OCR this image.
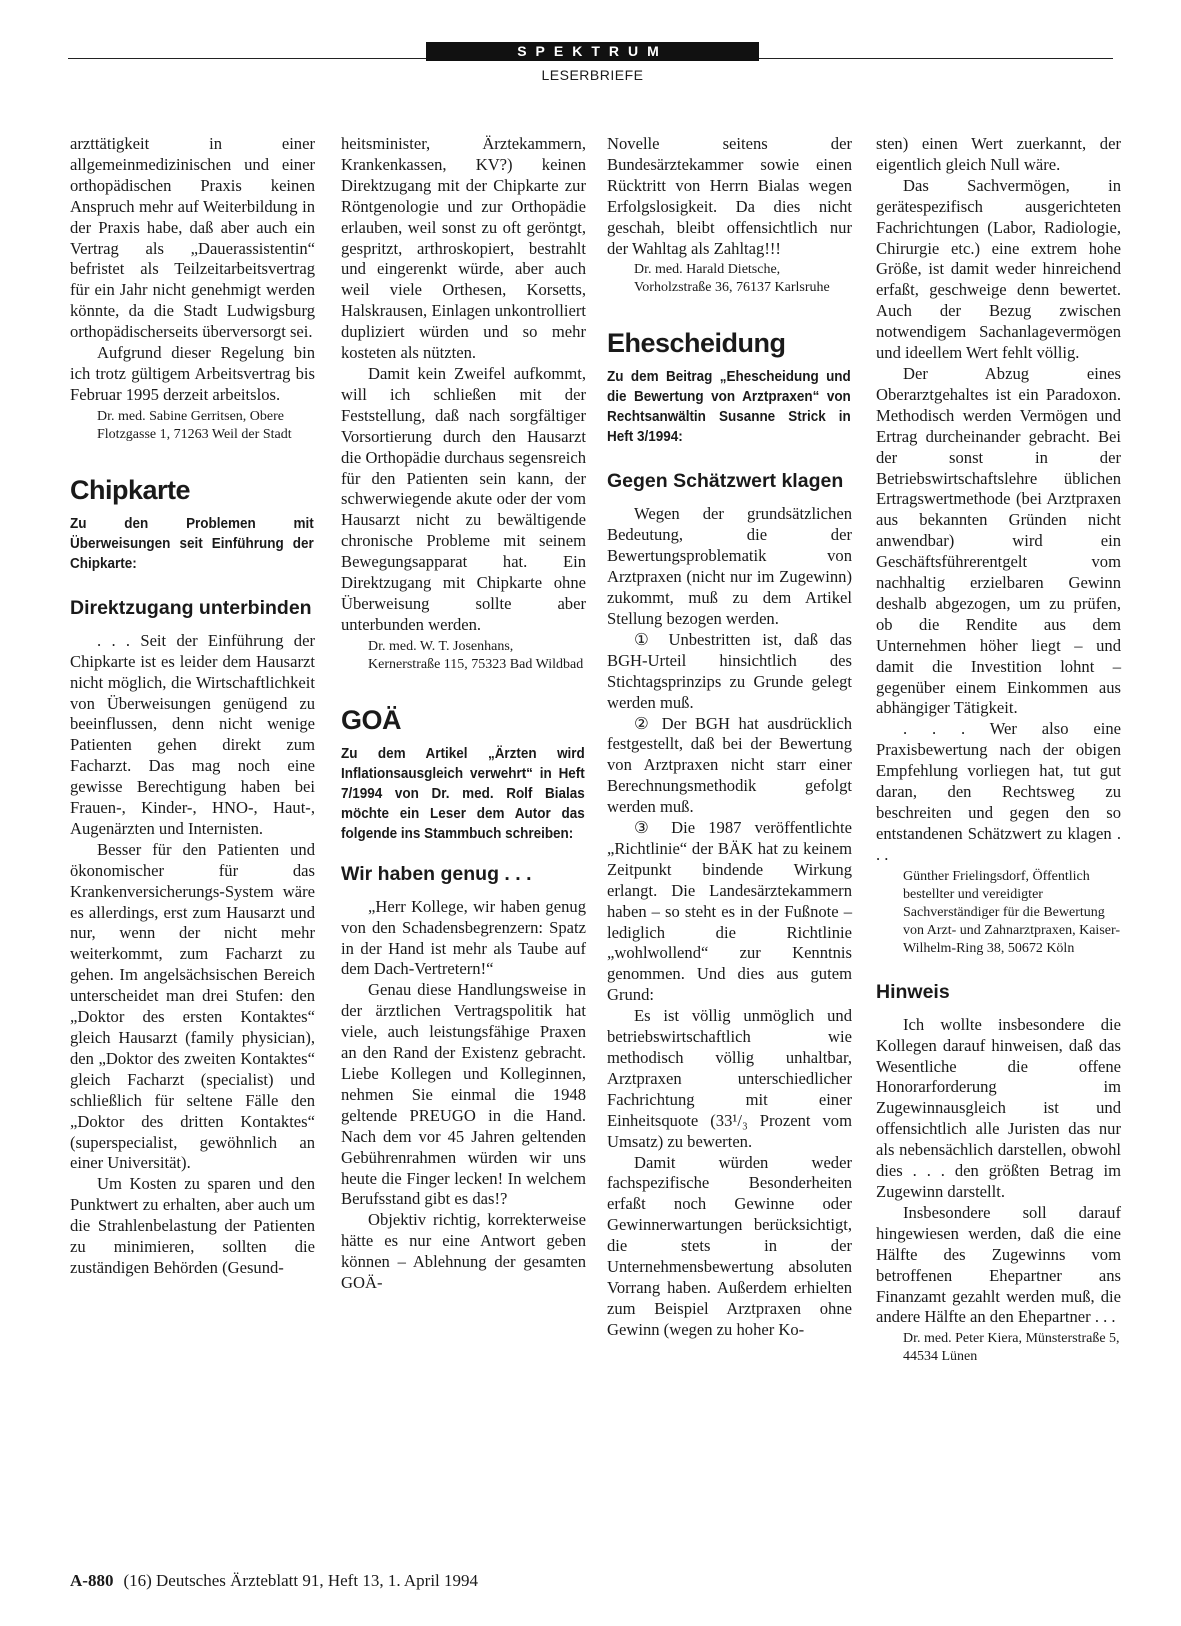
SPEKTRUM
LESERBRIEFE

arzttätigkeit in einer allgemeinmedizinischen und einer orthopädischen Praxis keinen Anspruch mehr auf Weiterbildung in der Praxis habe, daß aber auch ein Vertrag als „Dauerassistentin“ befristet als Teilzeitarbeitsvertrag für ein Jahr nicht genehmigt werden könnte, da die Stadt Ludwigsburg orthopädischerseits überversorgt sei.

Aufgrund dieser Regelung bin ich trotz gültigem Arbeitsvertrag bis Februar 1995 derzeit arbeitslos.

Dr. med. Sabine Gerritsen, Obere Flotzgasse 1, 71263 Weil der Stadt

Chipkarte

Zu den Problemen mit Überweisungen seit Einführung der Chipkarte:

Direktzugang unterbinden

. . . Seit der Einführung der Chipkarte ist es leider dem Hausarzt nicht möglich, die Wirtschaftlichkeit von Überweisungen genügend zu beeinflussen, denn nicht wenige Patienten gehen direkt zum Facharzt. Das mag noch eine gewisse Berechtigung haben bei Frauen-, Kinder-, HNO-, Haut-, Augenärzten und Internisten.

Besser für den Patienten und ökonomischer für das Krankenversicherungs-System wäre es allerdings, erst zum Hausarzt und nur, wenn der nicht mehr weiterkommt, zum Facharzt zu gehen. Im angelsächsischen Bereich unterscheidet man drei Stufen: den „Doktor des ersten Kontaktes“ gleich Hausarzt (family physician), den „Doktor des zweiten Kontaktes“ gleich Facharzt (specialist) und schließlich für seltene Fälle den „Doktor des dritten Kontaktes“ (superspecialist, gewöhnlich an einer Universität).

Um Kosten zu sparen und den Punktwert zu erhalten, aber auch um die Strahlenbelastung der Patienten zu minimieren, sollten die zuständigen Behörden (Gesund-

heitsminister, Ärztekammern, Krankenkassen, KV?) keinen Direktzugang mit der Chipkarte zur Röntgenologie und zur Orthopädie erlauben, weil sonst zu oft geröntgt, gespritzt, arthroskopiert, bestrahlt und eingerenkt würde, aber auch weil viele Orthesen, Korsetts, Halskrausen, Einlagen unkontrolliert dupliziert würden und so mehr kosteten als nützten.

Damit kein Zweifel aufkommt, will ich schließen mit der Feststellung, daß nach sorgfältiger Vorsortierung durch den Hausarzt die Orthopädie durchaus segensreich für den Patienten sein kann, der schwerwiegende akute oder der vom Hausarzt nicht zu bewältigende chronische Probleme mit seinem Bewegungsapparat hat. Ein Direktzugang mit Chipkarte ohne Überweisung sollte aber unterbunden werden.

Dr. med. W. T. Josenhans, Kernerstraße 115, 75323 Bad Wildbad

GOÄ

Zu dem Artikel „Ärzten wird Inflationsausgleich verwehrt“ in Heft 7/1994 von Dr. med. Rolf Bialas möchte ein Leser dem Autor das folgende ins Stammbuch schreiben:

Wir haben genug . . .

„Herr Kollege, wir haben genug von den Schadensbegrenzern: Spatz in der Hand ist mehr als Taube auf dem Dach-Vertretern!“

Genau diese Handlungsweise in der ärztlichen Vertragspolitik hat viele, auch leistungsfähige Praxen an den Rand der Existenz gebracht. Liebe Kollegen und Kolleginnen, nehmen Sie einmal die 1948 geltende PREUGO in die Hand. Nach dem vor 45 Jahren geltenden Gebührenrahmen würden wir uns heute die Finger lecken! In welchem Berufsstand gibt es das!?

Objektiv richtig, korrekterweise hätte es nur eine Antwort geben können – Ablehnung der gesamten GOÄ-

Novelle seitens der Bundesärztekammer sowie einen Rücktritt von Herrn Bialas wegen Erfolgslosigkeit. Da dies nicht geschah, bleibt offensichtlich nur der Wahltag als Zahltag!!!

Dr. med. Harald Dietsche, Vorholzstraße 36, 76137 Karlsruhe

Ehescheidung

Zu dem Beitrag „Ehescheidung und die Bewertung von Arztpraxen“ von Rechtsanwältin Susanne Strick in Heft 3/1994:

Gegen Schätzwert klagen

Wegen der grundsätzlichen Bedeutung, die der Bewertungsproblematik von Arztpraxen (nicht nur im Zugewinn) zukommt, muß zu dem Artikel Stellung bezogen werden.

① Unbestritten ist, daß das BGH-Urteil hinsichtlich des Stichtagsprinzips zu Grunde gelegt werden muß.

② Der BGH hat ausdrücklich festgestellt, daß bei der Bewertung von Arztpraxen nicht starr einer Berechnungsmethodik gefolgt werden muß.

③ Die 1987 veröffentlichte „Richtlinie“ der BÄK hat zu keinem Zeitpunkt bindende Wirkung erlangt. Die Landesärztekammern haben – so steht es in der Fußnote – lediglich die Richtlinie „wohlwollend“ zur Kenntnis genommen. Und dies aus gutem Grund:

Es ist völlig unmöglich und betriebswirtschaftlich wie methodisch völlig unhaltbar, Arztpraxen unterschiedlicher Fachrichtung mit einer Einheitsquote (33¹/₃ Prozent vom Umsatz) zu bewerten.

Damit würden weder fachspezifische Besonderheiten erfaßt noch Gewinne oder Gewinnerwartungen berücksichtigt, die stets in der Unternehmensbewertung absoluten Vorrang haben. Außerdem erhielten zum Beispiel Arztpraxen ohne Gewinn (wegen zu hoher Ko-

sten) einen Wert zuerkannt, der eigentlich gleich Null wäre.

Das Sachvermögen, in gerätespezifisch ausgerichteten Fachrichtungen (Labor, Radiologie, Chirurgie etc.) eine extrem hohe Größe, ist damit weder hinreichend erfaßt, geschweige denn bewertet. Auch der Bezug zwischen notwendigem Sachanlagevermögen und ideellem Wert fehlt völlig.

Der Abzug eines Oberarztgehaltes ist ein Paradoxon. Methodisch werden Vermögen und Ertrag durcheinander gebracht. Bei der sonst in der Betriebswirtschaftslehre üblichen Ertragswertmethode (bei Arztpraxen aus bekannten Gründen nicht anwendbar) wird ein Geschäftsführerentgelt vom nachhaltig erzielbaren Gewinn deshalb abgezogen, um zu prüfen, ob die Rendite aus dem Unternehmen höher liegt – und damit die Investition lohnt – gegenüber einem Einkommen aus abhängiger Tätigkeit.

. . . Wer also eine Praxisbewertung nach der obigen Empfehlung vorliegen hat, tut gut daran, den Rechtsweg zu beschreiten und gegen den so entstandenen Schätzwert zu klagen . . .

Günther Frielingsdorf, Öffentlich bestellter und vereidigter Sachverständiger für die Bewertung von Arzt- und Zahnarztpraxen, Kaiser-Wilhelm-Ring 38, 50672 Köln

Hinweis

Ich wollte insbesondere die Kollegen darauf hinweisen, daß das Wesentliche die offene Honorarforderung im Zugewinnausgleich ist und offensichtlich alle Juristen das nur als nebensächlich darstellen, obwohl dies . . . den größten Betrag im Zugewinn darstellt.

Insbesondere soll darauf hingewiesen werden, daß die eine Hälfte des Zugewinns vom betroffenen Ehepartner ans Finanzamt gezahlt werden muß, die andere Hälfte an den Ehepartner . . .

Dr. med. Peter Kiera, Münsterstraße 5, 44534 Lünen

A-880 (16) Deutsches Ärzteblatt 91, Heft 13, 1. April 1994
